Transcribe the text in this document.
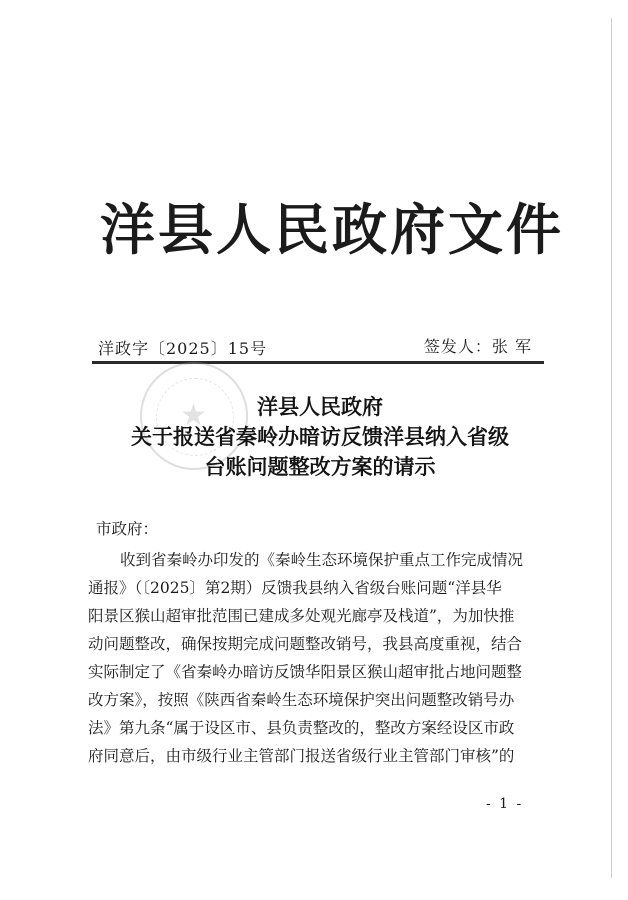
洋县人民政府文件
洋政字〔2025〕15号	签发人：张 军
★	洋县人民政府
关于报送省秦岭办暗访反馈洋县纳入省级
台账问题整改方案的请示
市政府：
收到省秦岭办印发的《秦岭生态环境保护重点工作完成情况
通报》（〔2025〕第2期）反馈我县纳入省级台账问题“洋县华
阳景区猴山超审批范围已建成多处观光廊亭及栈道”，为加快推
动问题整改，确保按期完成问题整改销号，我县高度重视，结合
实际制定了《省秦岭办暗访反馈华阳景区猴山超审批占地问题整
改方案》，按照《陕西省秦岭生态环境保护突出问题整改销号办
法》第九条“属于设区市、县负责整改的，整改方案经设区市政
府同意后，由市级行业主管部门报送省级行业主管部门审核”的
- 1 -
